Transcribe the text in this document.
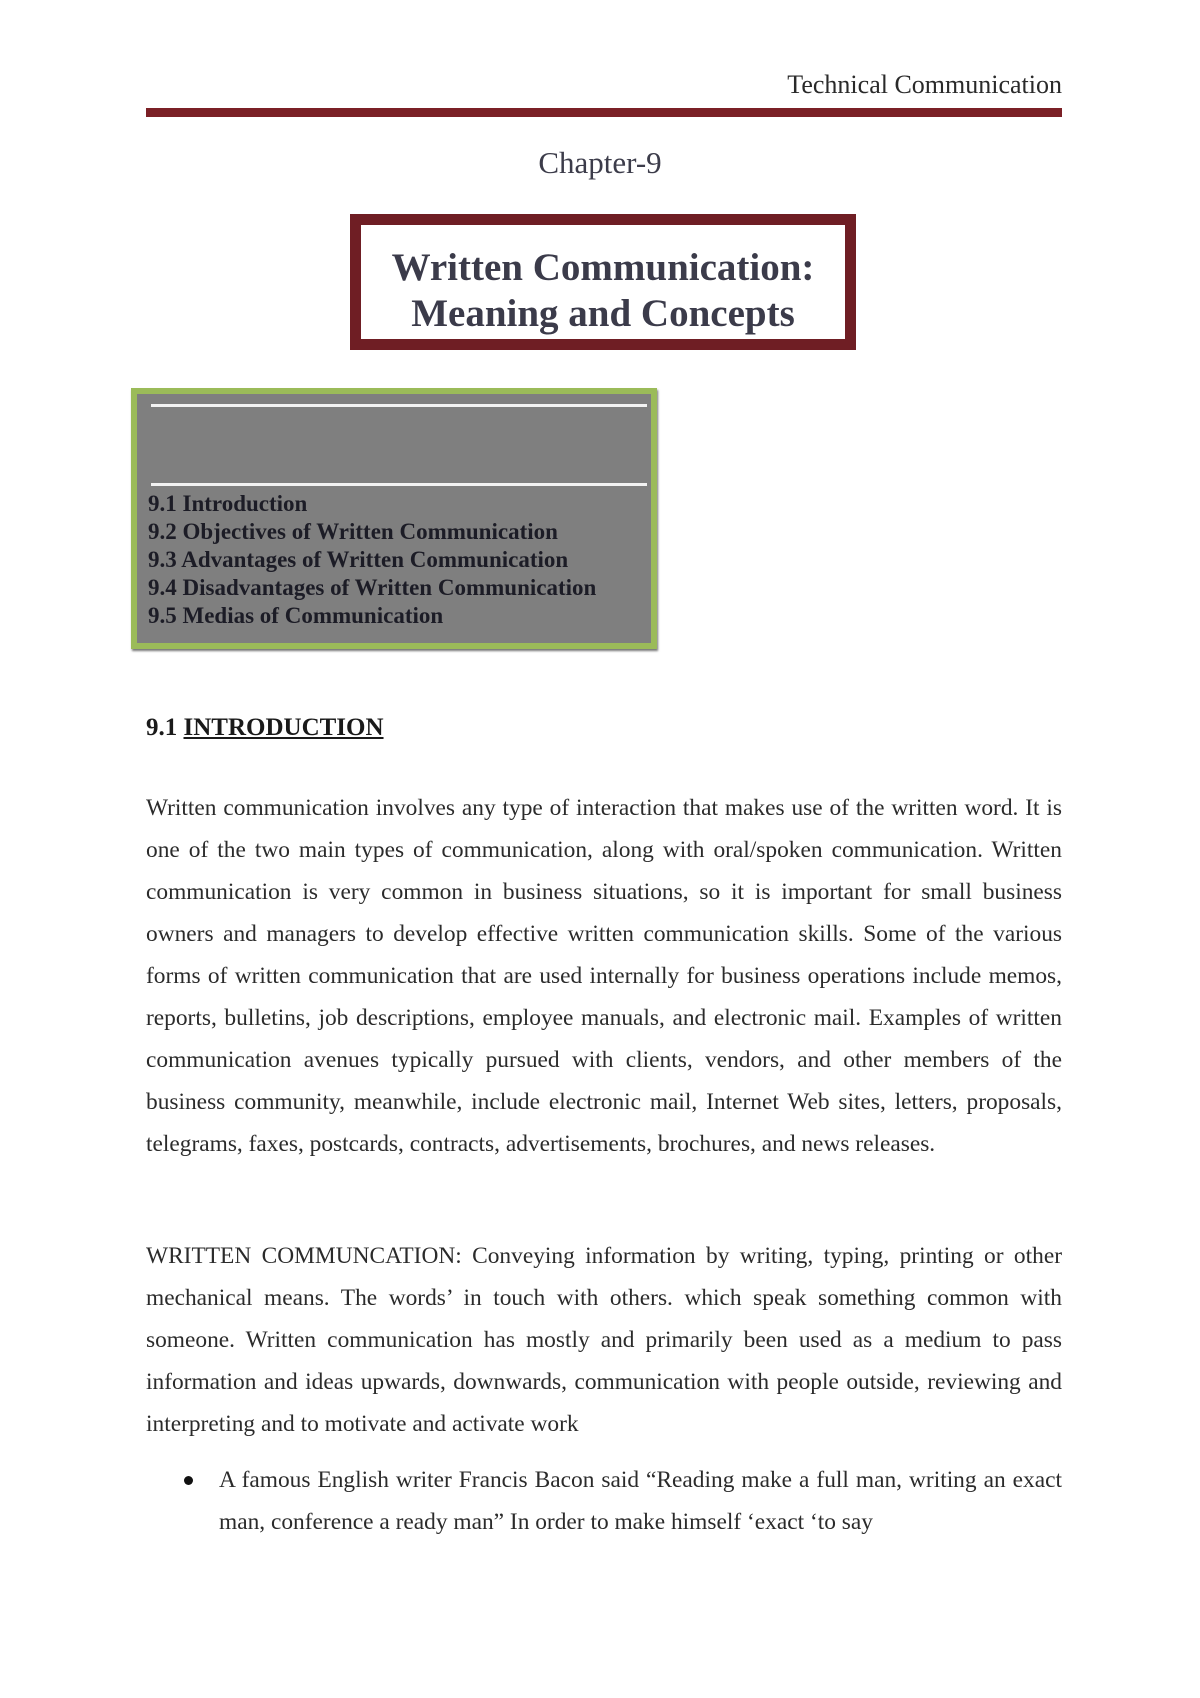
Technical Communication
Chapter-9
Written Communication:
Meaning and Concepts
9.1 Introduction
9.2 Objectives of Written Communication
9.3 Advantages of Written Communication
9.4 Disadvantages of Written Communication
9.5 Medias of Communication
9.1 INTRODUCTION

Written communication involves any type of interaction that makes use of the written word. It is one of the two main types of communication, along with oral/spoken communication. Written communication is very common in business situations, so it is important for small business owners and managers to develop effective written communication skills. Some of the various forms of written communication that are used internally for business operations include memos, reports, bulletins, job descriptions, employee manuals, and electronic mail. Examples of written communication avenues typically pursued with clients, vendors, and other members of the business community, meanwhile, include electronic mail, Internet Web sites, letters, proposals, telegrams, faxes, postcards, contracts, advertisements, brochures, and news releases.

WRITTEN COMMUNCATION: Conveying information by writing, typing, printing or other mechanical means. The words’ in touch with others. which speak something common with someone. Written communication has mostly and primarily been used as a medium to pass information and ideas upwards, downwards, communication with people outside, reviewing and interpreting and to motivate and activate work

A famous English writer Francis Bacon said “Reading make a full man, writing an exact man, conference a ready man” In order to make himself ‘exact ‘to say
